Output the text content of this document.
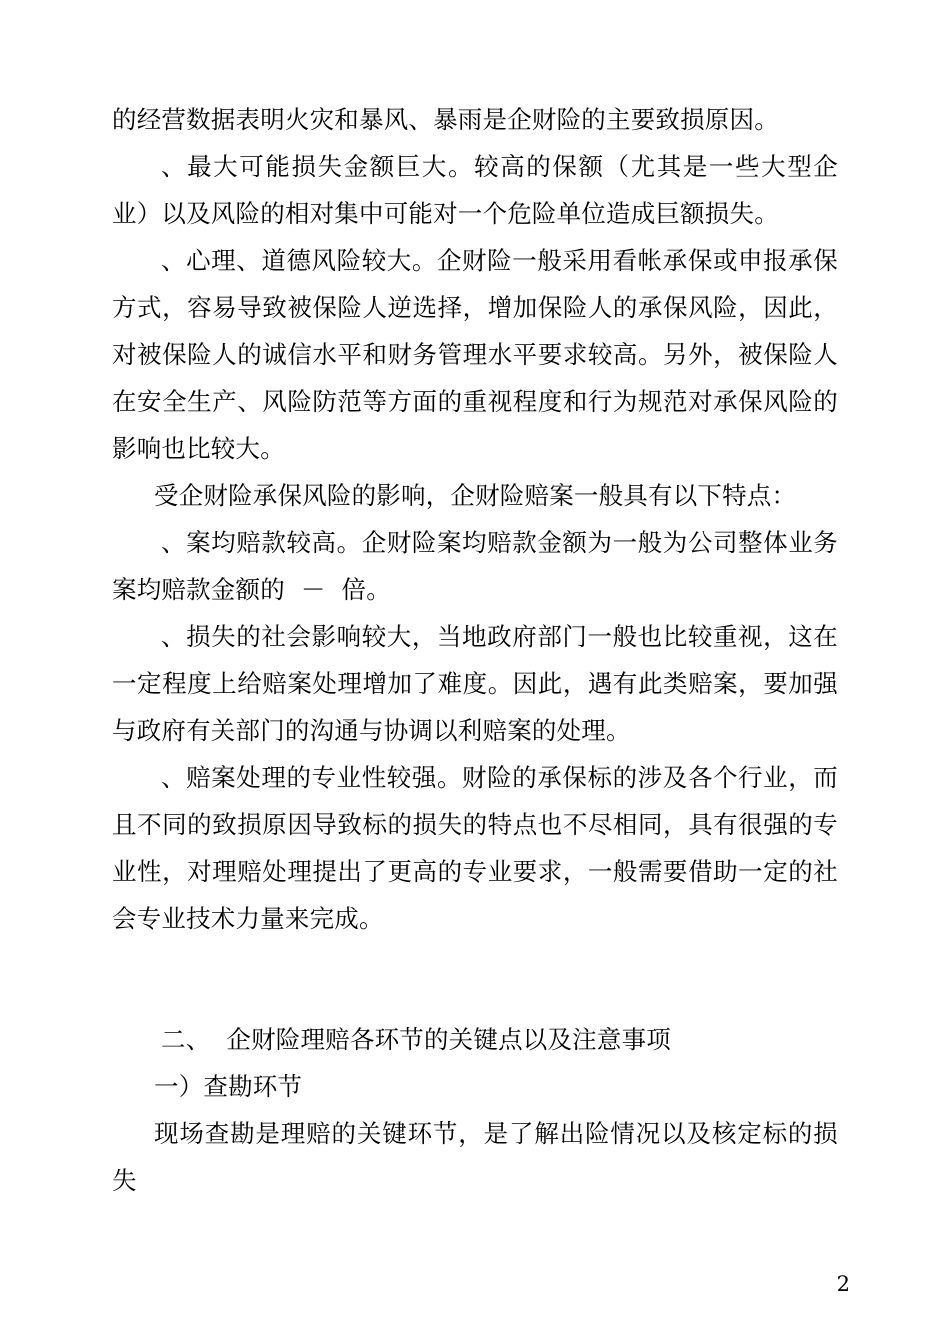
的经营数据表明火灾和暴风、暴雨是企财险的主要致损原因。

、最大可能损失金额巨大。较高的保额（尤其是一些大型企业）以及风险的相对集中可能对一个危险单位造成巨额损失。

、心理、道德风险较大。企财险一般采用看帐承保或申报承保方式，容易导致被保险人逆选择，增加保险人的承保风险，因此，对被保险人的诚信水平和财务管理水平要求较高。另外，被保险人在安全生产、风险防范等方面的重视程度和行为规范对承保风险的影响也比较大。

受企财险承保风险的影响，企财险赔案一般具有以下特点：

、案均赔款较高。企财险案均赔款金额为一般为公司整体业务案均赔款金额的  －  倍。

、损失的社会影响较大，当地政府部门一般也比较重视，这在一定程度上给赔案处理增加了难度。因此，遇有此类赔案，要加强与政府有关部门的沟通与协调以利赔案的处理。

、赔案处理的专业性较强。财险的承保标的涉及各个行业，而且不同的致损原因导致标的损失的特点也不尽相同，具有很强的专业性，对理赔处理提出了更高的专业要求，一般需要借助一定的社会专业技术力量来完成。

二、  企财险理赔各环节的关键点以及注意事项

一）查勘环节

现场查勘是理赔的关键环节，是了解出险情况以及核定标的损失

2
